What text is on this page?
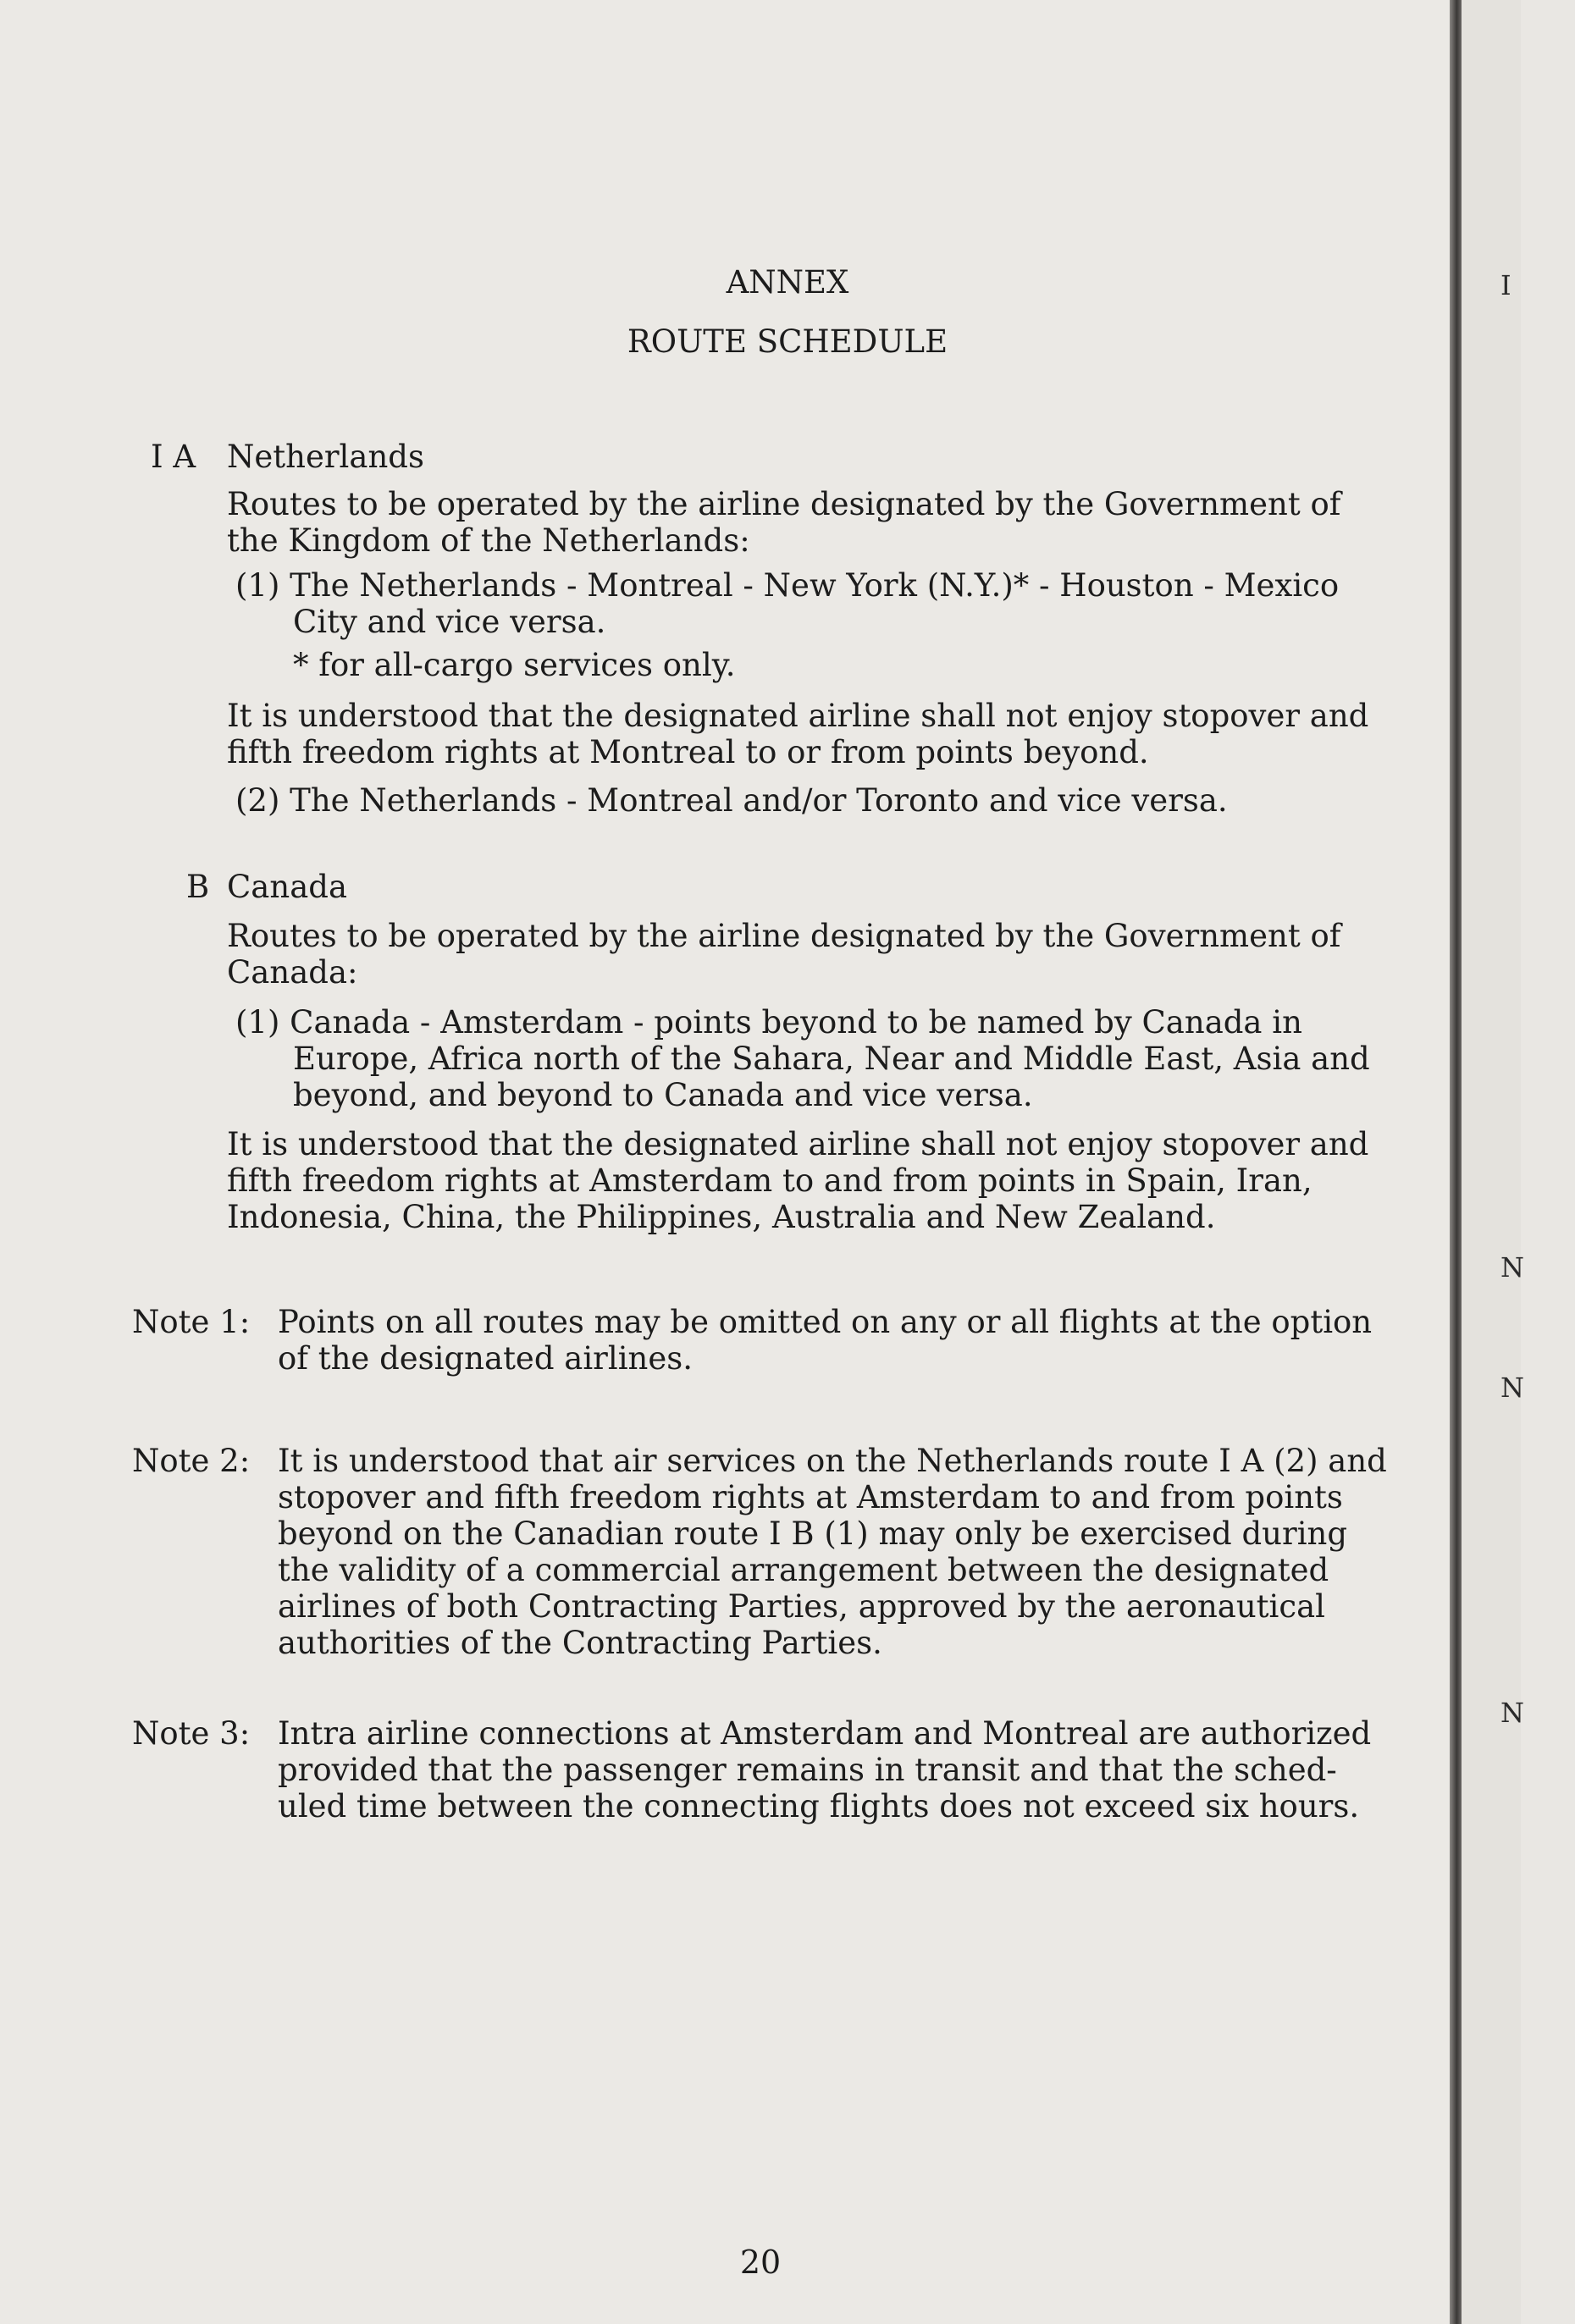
ANNEX
ROUTE SCHEDULE
I A Netherlands
Routes to be operated by the airline designated by the Government of
the Kingdom of the Netherlands:
(1) The Netherlands - Montreal - New York (N.Y.)* - Houston - Mexico
City and vice versa.
* for all-cargo services only.
It is understood that the designated airline shall not enjoy stopover and
fifth freedom rights at Montreal to or from points beyond.
(2) The Netherlands - Montreal and/or Toronto and vice versa.
B Canada
Routes to be operated by the airline designated by the Government of
Canada:
(1) Canada - Amsterdam - points beyond to be named by Canada in
Europe, Africa north of the Sahara, Near and Middle East, Asia and
beyond, and beyond to Canada and vice versa.
It is understood that the designated airline shall not enjoy stopover and
fifth freedom rights at Amsterdam to and from points in Spain, Iran,
Indonesia, China, the Philippines, Australia and New Zealand.
Note 1: Points on all routes may be omitted on any or all flights at the option
of the designated airlines.
Note 2: It is understood that air services on the Netherlands route I A (2) and
stopover and fifth freedom rights at Amsterdam to and from points
beyond on the Canadian route I B (1) may only be exercised during
the validity of a commercial arrangement between the designated
airlines of both Contracting Parties, approved by the aeronautical
authorities of the Contracting Parties.
Note 3: Intra airline connections at Amsterdam and Montreal are authorized
provided that the passenger remains in transit and that the sched-
uled time between the connecting flights does not exceed six hours.
20
I
N
N
N
